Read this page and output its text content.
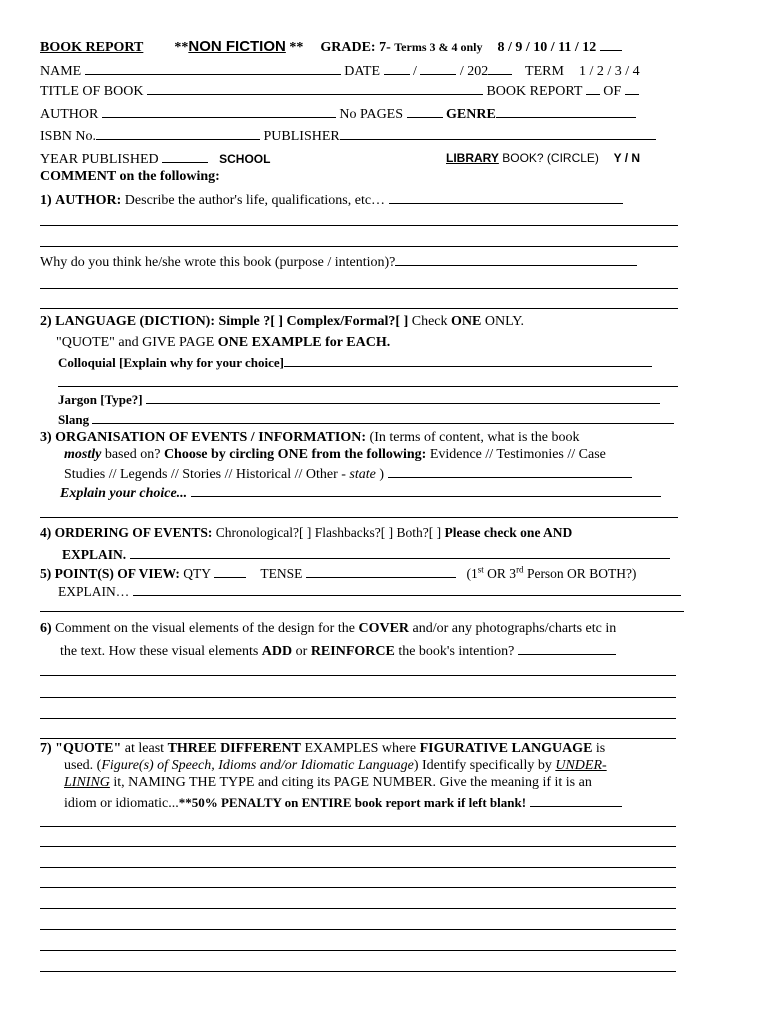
BOOK REPORT **NON FICTION ** GRADE: 7- Terms 3 & 4 only 8 / 9 / 10 / 11 / 12
NAME	DATE /	/ 202	TERM 1 / 2 / 3 / 4
TITLE OF BOOK	BOOK REPORT OF
AUTHOR	No PAGES	GENRE
ISBN No.	PUBLISHER
YEAR PUBLISHED	SCHOOL	LIBRARY BOOK? (CIRCLE) Y / N
COMMENT on the following:
1) AUTHOR: Describe the author's life, qualifications, etc…
Why do you think he/she wrote this book (purpose / intention)?
2) LANGUAGE (DICTION): Simple ?[ ] Complex/Formal?[ ] Check ONE ONLY.
"QUOTE" and GIVE PAGE ONE EXAMPLE for EACH.
Colloquial [Explain why for your choice]
Jargon [Type?]
Slang
3) ORGANISATION OF EVENTS / INFORMATION: (In terms of content, what is the book
mostly based on? Choose by circling ONE from the following: Evidence // Testimonies // Case
Studies // Legends // Stories // Historical // Other - state )
Explain your choice...
4) ORDERING OF EVENTS: Chronological?[ ] Flashbacks?[ ] Both?[ ] Please check one AND
EXPLAIN.
5) POINT(S) OF VIEW: QTY	TENSE	(1st OR 3rd Person OR BOTH?)
EXPLAIN…
6) Comment on the visual elements of the design for the COVER and/or any photographs/charts etc in
the text. How these visual elements ADD or REINFORCE the book's intention?
7) "QUOTE" at least THREE DIFFERENT EXAMPLES where FIGURATIVE LANGUAGE is
used. (Figure(s) of Speech, Idioms and/or Idiomatic Language) Identify specifically by UNDER-
LINING it, NAMING THE TYPE and citing its PAGE NUMBER. Give the meaning if it is an
idiom or idiomatic...**50% PENALTY on ENTIRE book report mark if left blank!
